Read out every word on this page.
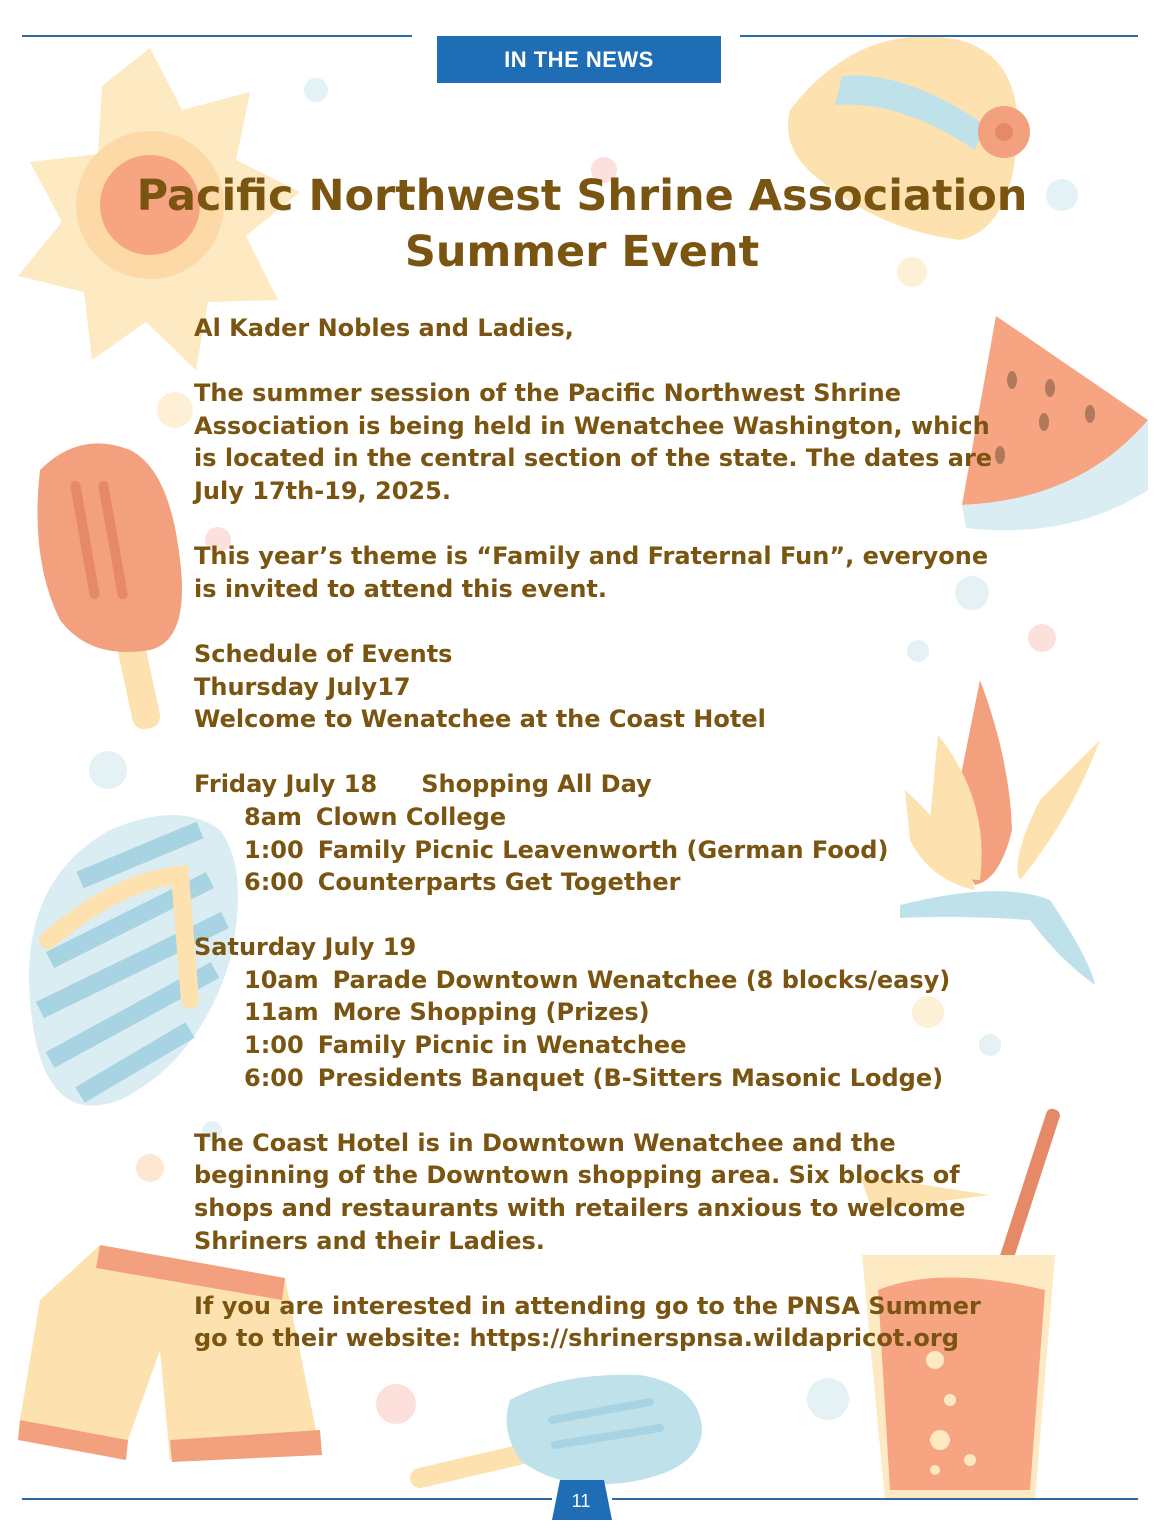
IN THE NEWS
Pacific Northwest Shrine Association
Summer Event

Al Kader Nobles and Ladies,

The summer session of the Pacific Northwest Shrine Association is being held in Wenatchee Washington, which is located in the central section of the state. The dates are July 17th-19, 2025.

This year’s theme is “Family and Fraternal Fun”, everyone is invited to attend this event.

Schedule of Events

Thursday July17

Welcome to Wenatchee at the Coast Hotel

Friday July 18 Shopping All Day

8am Clown College

1:00 Family Picnic Leavenworth (German Food)

6:00 Counterparts Get Together

Saturday July 19

10am Parade Downtown Wenatchee (8 blocks/easy)

11am More Shopping (Prizes)

1:00 Family Picnic in Wenatchee

6:00 Presidents Banquet (B-Sitters Masonic Lodge)

The Coast Hotel is in Downtown Wenatchee and the beginning of the Downtown shopping area. Six blocks of shops and restaurants with retailers anxious to welcome Shriners and their Ladies.

If you are interested in attending go to the PNSA Summer go to their website: https://shrinerspnsa.wildapricot.org

11
